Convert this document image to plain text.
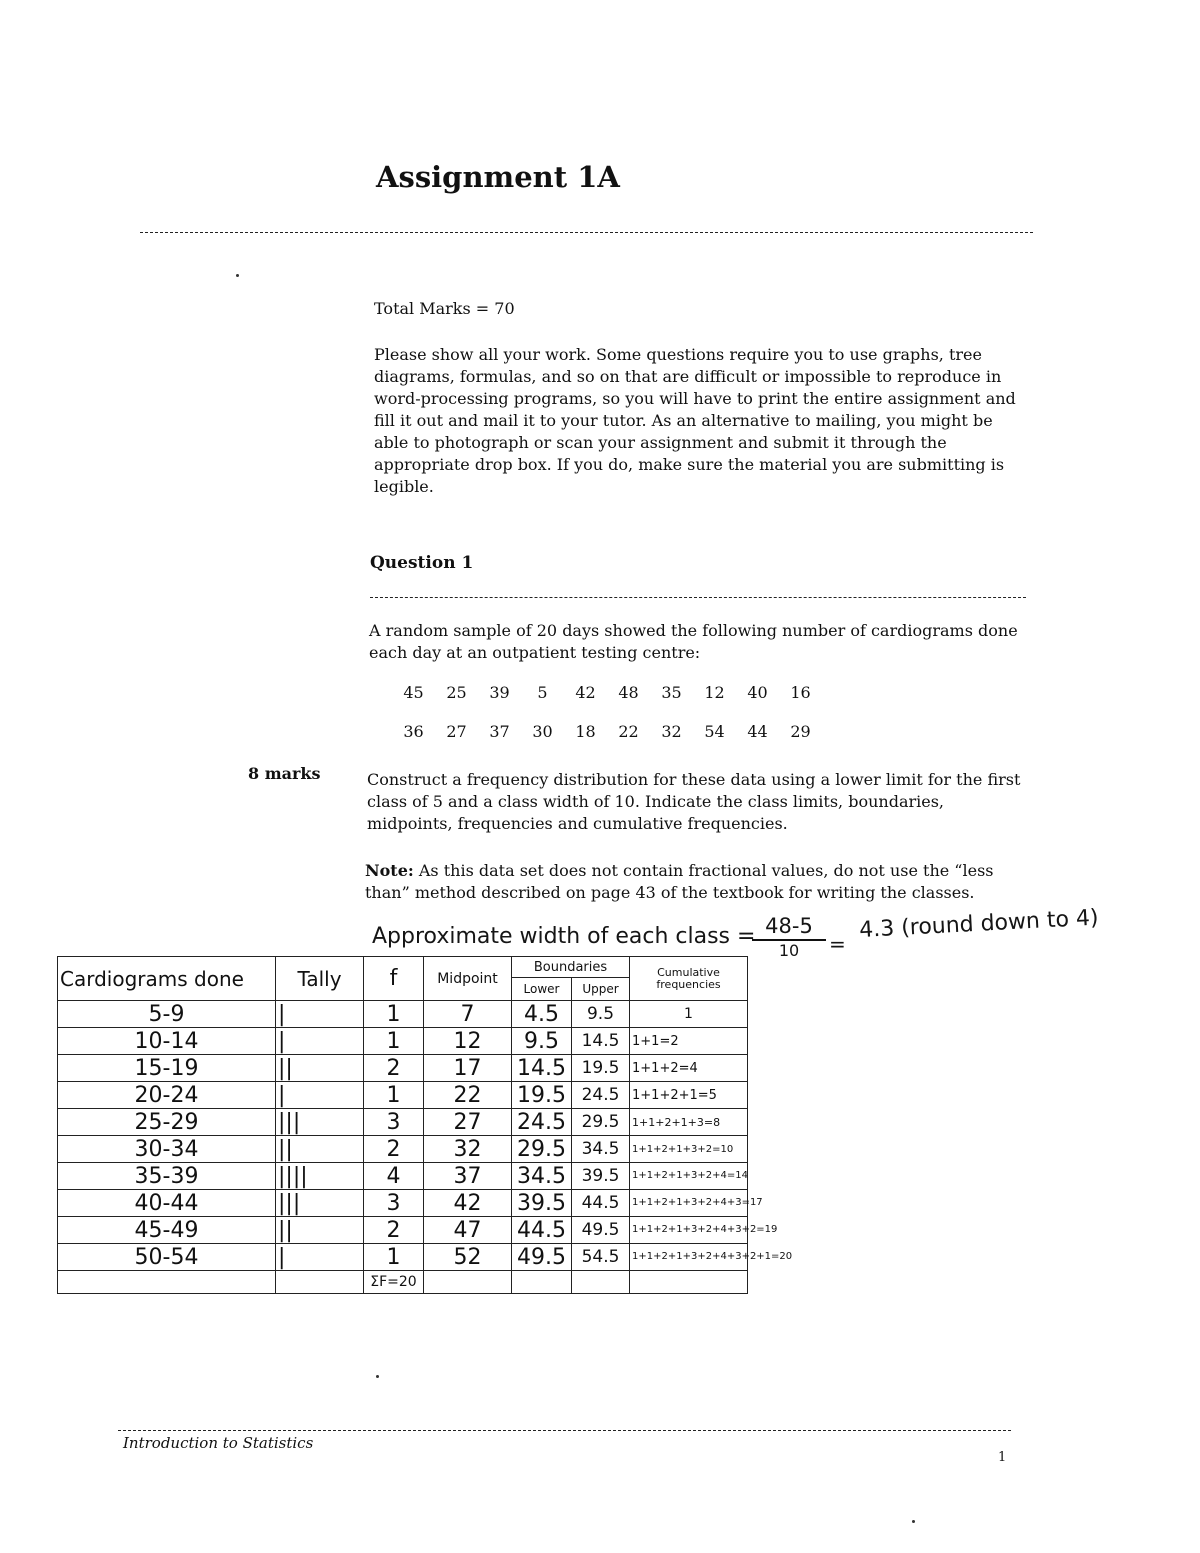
Assignment 1A
Total Marks = 70
Please show all your work. Some questions require you to use graphs, tree diagrams, formulas, and so on that are difficult or impossible to reproduce in word-processing programs, so you will have to print the entire assignment and fill it out and mail it to your tutor. As an alternative to mailing, you might be able to photograph or scan your assignment and submit it through the appropriate drop box. If you do, make sure the material you are submitting is legible.
Question 1
A random sample of 20 days showed the following number of cardiograms done each day at an outpatient testing centre:
45	25	39	5	42	48	35	12	40	16
36	27	37	30	18	22	32	54	44	29
8 marks	Construct a frequency distribution for these data using a lower limit for the first class of 5 and a class width of 10. Indicate the class limits, boundaries, midpoints, frequencies and cumulative frequencies.
Note: As this data set does not contain fractional values, do not use the “less than” method described on page 43 of the textbook for writing the classes.
Approximate width of each class = 48-5
10	=
4.3 (round down to 4)
Cardiograms done	Tally	f	Midpoint	Boundaries		Cumulative frequencies
				Lower	Upper	
5-9	|	1	7	4.5	9.5	1
10-14	|	1	12	9.5	14.5	1+1=2
15-19	||	2	17	14.5	19.5	1+1+2=4
20-24	|	1	22	19.5	24.5	1+1+2+1=5
25-29	|||	3	27	24.5	29.5	1+1+2+1+3=8
30-34	||	2	32	29.5	34.5	1+1+2+1+3+2=10
35-39	||||	4	37	34.5	39.5	1+1+2+1+3+2+4=14
40-44	|||	3	42	39.5	44.5	1+1+2+1+3+2+4+3=17
45-49	||	2	47	44.5	49.5	1+1+2+1+3+2+4+3+2=19
50-54	|	1	52	49.5	54.5	1+1+2+1+3+2+4+3+2+1=20
		ΣF=20				
Introduction to Statistics
1
